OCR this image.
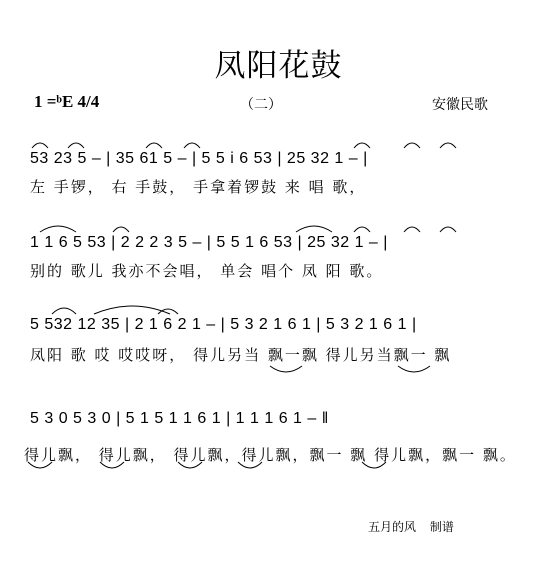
凤阳花鼓
1 =ᵇE 4/4	（二）	安徽民歌
53 23 5 – | 35 61 5 – | 5 5 i 6 53 | 25 32 1 – |
左 手锣， 右 手鼓， 手拿着锣鼓 来 唱 歌，
1 1 6 5 53 | 2 2 2 3 5 – | 5 5 1 6 53 | 25 32 1 – |
别的 歌儿 我亦不会唱， 单会 唱个 凤 阳 歌。
5 532 12 35 | 2 1 6 2 1 – | 5 3 2 1 6 1 | 5 3 2 1 6 1 |
凤阳 歌 哎 哎哎呀， 得儿另当 飘一飘 得儿另当飘一 飘
5 3 0 5 3 0 | 5 1 5 1 1 6 1 | 1 1 1 6 1 – ‖
得儿飘， 得儿飘， 得儿飘，得儿飘，飘一 飘 得儿飘，飘一 飘。
五月的风 制谱
